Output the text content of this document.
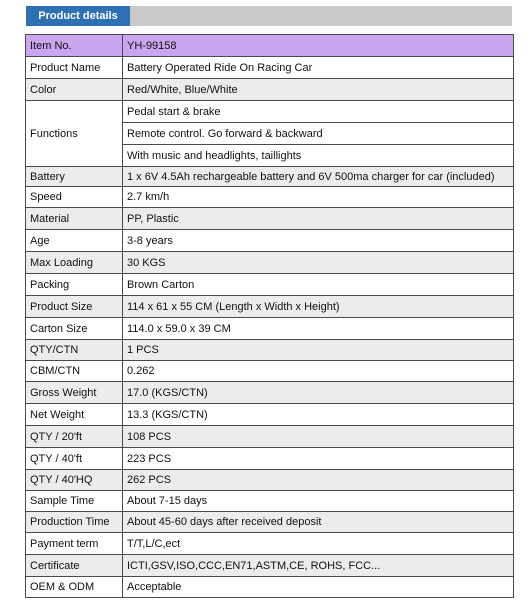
Product details
Item No.	YH-99158
Product Name	Battery Operated Ride On Racing Car
Color	Red/White, Blue/White
Functions	Pedal start & brake
	Remote control. Go forward & backward
	With music and headlights, taillights
Battery	1 x 6V 4.5Ah rechargeable battery and 6V 500ma charger for car (included)
Speed	2.7 km/h
Material	PP, Plastic
Age	3-8 years
Max Loading	30 KGS
Packing	Brown Carton
Product Size	114 x 61 x 55 CM (Length x Width x Height)
Carton Size	114.0 x 59.0 x 39 CM
QTY/CTN	1 PCS
CBM/CTN	0.262
Gross Weight	17.0 (KGS/CTN)
Net Weight	13.3 (KGS/CTN)
QTY / 20'ft	108 PCS
QTY / 40'ft	223 PCS
QTY / 40'HQ	262 PCS
Sample Time	About 7-15 days
Production Time	About 45-60 days after received deposit
Payment term	T/T,L/C,ect
Certificate	ICTI,GSV,ISO,CCC,EN71,ASTM,CE, ROHS, FCC...
OEM & ODM	Acceptable
